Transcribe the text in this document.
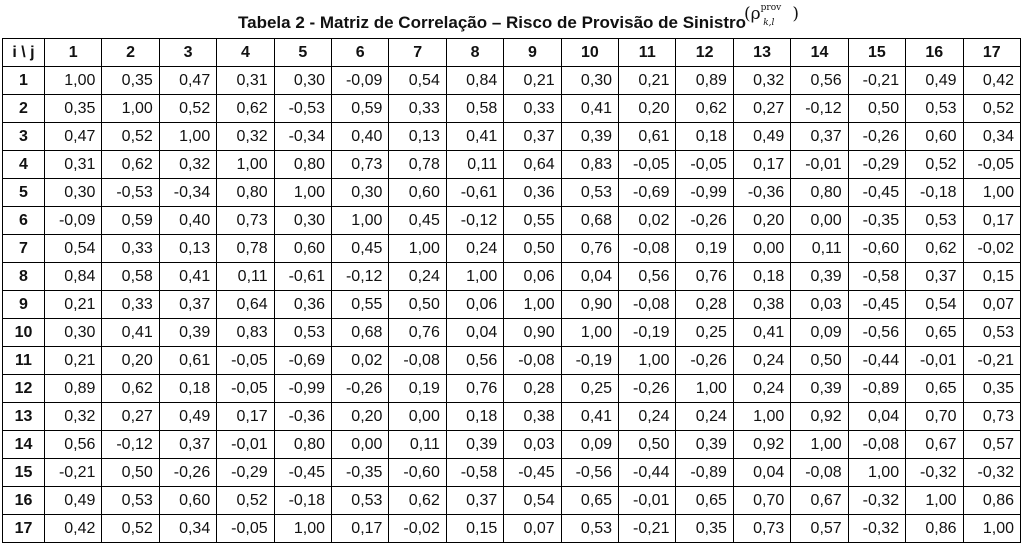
Tabela 2 - Matriz de Correlação – Risco de Provisão de Sinistro
($\rho^{prov}_{k,l}$ )
i \ j	1	2	3	4	5	6	7	8	9	10	11	12	13	14	15	16	17
1	1,00	0,35	0,47	0,31	0,30	-0,09	0,54	0,84	0,21	0,30	0,21	0,89	0,32	0,56	-0,21	0,49	0,42
2	0,35	1,00	0,52	0,62	-0,53	0,59	0,33	0,58	0,33	0,41	0,20	0,62	0,27	-0,12	0,50	0,53	0,52
3	0,47	0,52	1,00	0,32	-0,34	0,40	0,13	0,41	0,37	0,39	0,61	0,18	0,49	0,37	-0,26	0,60	0,34
4	0,31	0,62	0,32	1,00	0,80	0,73	0,78	0,11	0,64	0,83	-0,05	-0,05	0,17	-0,01	-0,29	0,52	-0,05
5	0,30	-0,53	-0,34	0,80	1,00	0,30	0,60	-0,61	0,36	0,53	-0,69	-0,99	-0,36	0,80	-0,45	-0,18	1,00
6	-0,09	0,59	0,40	0,73	0,30	1,00	0,45	-0,12	0,55	0,68	0,02	-0,26	0,20	0,00	-0,35	0,53	0,17
7	0,54	0,33	0,13	0,78	0,60	0,45	1,00	0,24	0,50	0,76	-0,08	0,19	0,00	0,11	-0,60	0,62	-0,02
8	0,84	0,58	0,41	0,11	-0,61	-0,12	0,24	1,00	0,06	0,04	0,56	0,76	0,18	0,39	-0,58	0,37	0,15
9	0,21	0,33	0,37	0,64	0,36	0,55	0,50	0,06	1,00	0,90	-0,08	0,28	0,38	0,03	-0,45	0,54	0,07
10	0,30	0,41	0,39	0,83	0,53	0,68	0,76	0,04	0,90	1,00	-0,19	0,25	0,41	0,09	-0,56	0,65	0,53
11	0,21	0,20	0,61	-0,05	-0,69	0,02	-0,08	0,56	-0,08	-0,19	1,00	-0,26	0,24	0,50	-0,44	-0,01	-0,21
12	0,89	0,62	0,18	-0,05	-0,99	-0,26	0,19	0,76	0,28	0,25	-0,26	1,00	0,24	0,39	-0,89	0,65	0,35
13	0,32	0,27	0,49	0,17	-0,36	0,20	0,00	0,18	0,38	0,41	0,24	0,24	1,00	0,92	0,04	0,70	0,73
14	0,56	-0,12	0,37	-0,01	0,80	0,00	0,11	0,39	0,03	0,09	0,50	0,39	0,92	1,00	-0,08	0,67	0,57
15	-0,21	0,50	-0,26	-0,29	-0,45	-0,35	-0,60	-0,58	-0,45	-0,56	-0,44	-0,89	0,04	-0,08	1,00	-0,32	-0,32
16	0,49	0,53	0,60	0,52	-0,18	0,53	0,62	0,37	0,54	0,65	-0,01	0,65	0,70	0,67	-0,32	1,00	0,86
17	0,42	0,52	0,34	-0,05	1,00	0,17	-0,02	0,15	0,07	0,53	-0,21	0,35	0,73	0,57	-0,32	0,86	1,00
